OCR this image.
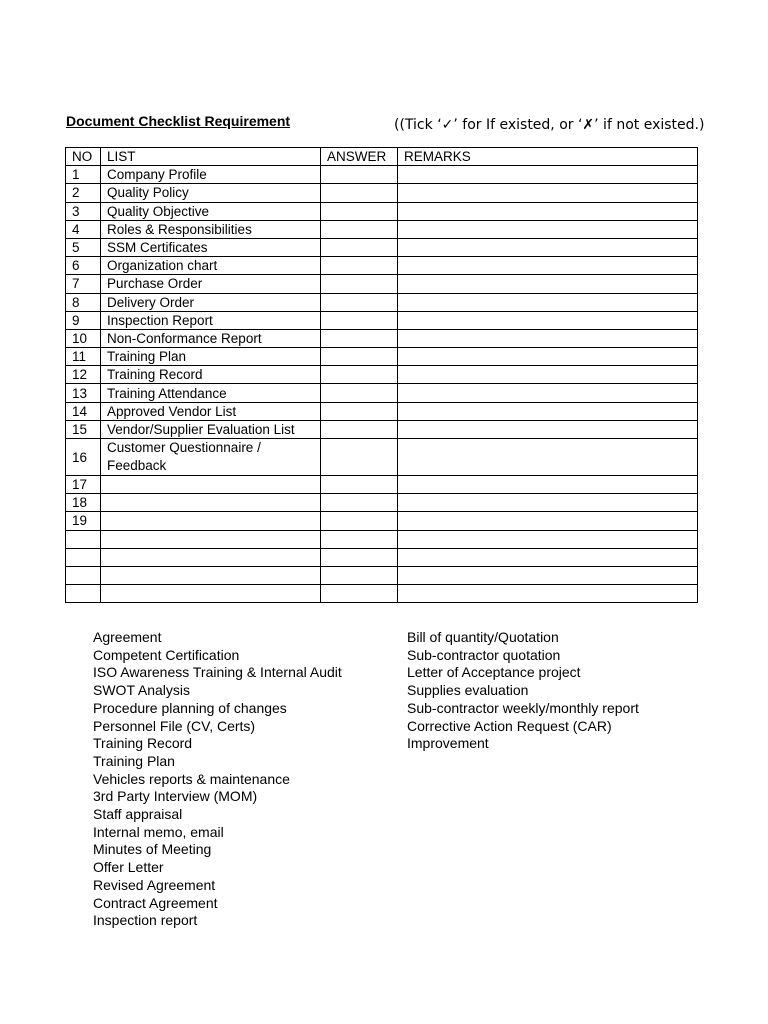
Document Checklist Requirement	((Tick ‘✓’ for If existed, or ‘✗’ if not existed.)
NO	LIST	ANSWER	REMARKS
1	Company Profile		
2	Quality Policy		
3	Quality Objective		
4	Roles & Responsibilities		
5	SSM Certificates		
6	Organization chart		
7	Purchase Order		
8	Delivery Order		
9	Inspection Report		
10	Non-Conformance Report		
11	Training Plan		
12	Training Record		
13	Training Attendance		
14	Approved Vendor List		
15	Vendor/Supplier Evaluation List		
16	Customer Questionnaire / Feedback		
17			
18			
19			

Agreement
Competent Certification
ISO Awareness Training & Internal Audit
SWOT Analysis
Procedure planning of changes
Personnel File (CV, Certs)
Training Record
Training Plan
Vehicles reports & maintenance
3rd Party Interview (MOM)
Staff appraisal
Internal memo, email
Minutes of Meeting
Offer Letter
Revised Agreement
Contract Agreement
Inspection report
Bill of quantity/Quotation
Sub-contractor quotation
Letter of Acceptance project
Supplies evaluation
Sub-contractor weekly/monthly report
Corrective Action Request (CAR)
Improvement
